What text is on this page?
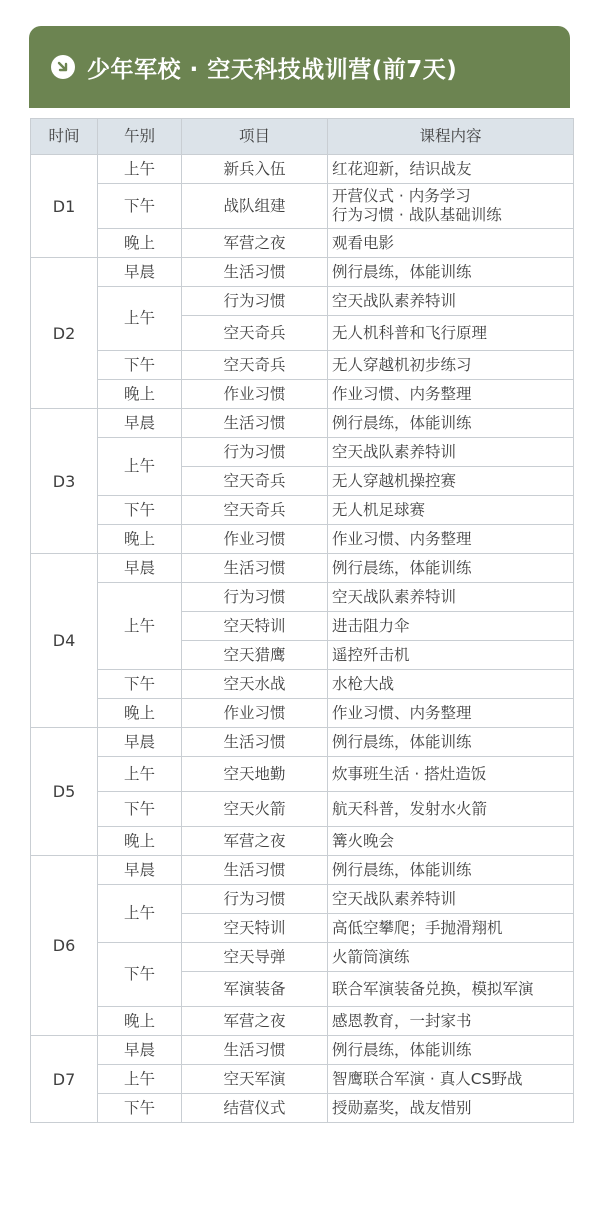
少年军校 · 空天科技战训营(前7天)
时间	午别	项目	课程内容
D1	上午	新兵入伍	红花迎新，结识战友

	下午	战队组建	开营仪式 · 内务学习
行为习惯 · 战队基础训练

	晚上	军营之夜	观看电影

D2	早晨	生活习惯	例行晨练，体能训练

	上午	行为习惯	空天战队素养特训

		空天奇兵	无人机科普和飞行原理

	下午	空天奇兵	无人穿越机初步练习

	晚上	作业习惯	作业习惯、内务整理

D3	早晨	生活习惯	例行晨练，体能训练

	上午	行为习惯	空天战队素养特训

		空天奇兵	无人穿越机操控赛

	下午	空天奇兵	无人机足球赛

	晚上	作业习惯	作业习惯、内务整理

D4	早晨	生活习惯	例行晨练，体能训练

	上午	行为习惯	空天战队素养特训

		空天特训	进击阻力伞

		空天猎鹰	遥控歼击机

	下午	空天水战	水枪大战

	晚上	作业习惯	作业习惯、内务整理

D5	早晨	生活习惯	例行晨练，体能训练

	上午	空天地勤	炊事班生活 · 搭灶造饭

	下午	空天火箭	航天科普，发射水火箭

	晚上	军营之夜	篝火晚会

D6	早晨	生活习惯	例行晨练，体能训练

	上午	行为习惯	空天战队素养特训

		空天特训	高低空攀爬；手抛滑翔机

	下午	空天导弹	火箭筒演练

		军演装备	联合军演装备兑换，模拟军演

	晚上	军营之夜	感恩教育，一封家书

D7	早晨	生活习惯	例行晨练，体能训练

	上午	空天军演	智鹰联合军演 · 真人CS野战

	下午	结营仪式	授勋嘉奖，战友惜别
